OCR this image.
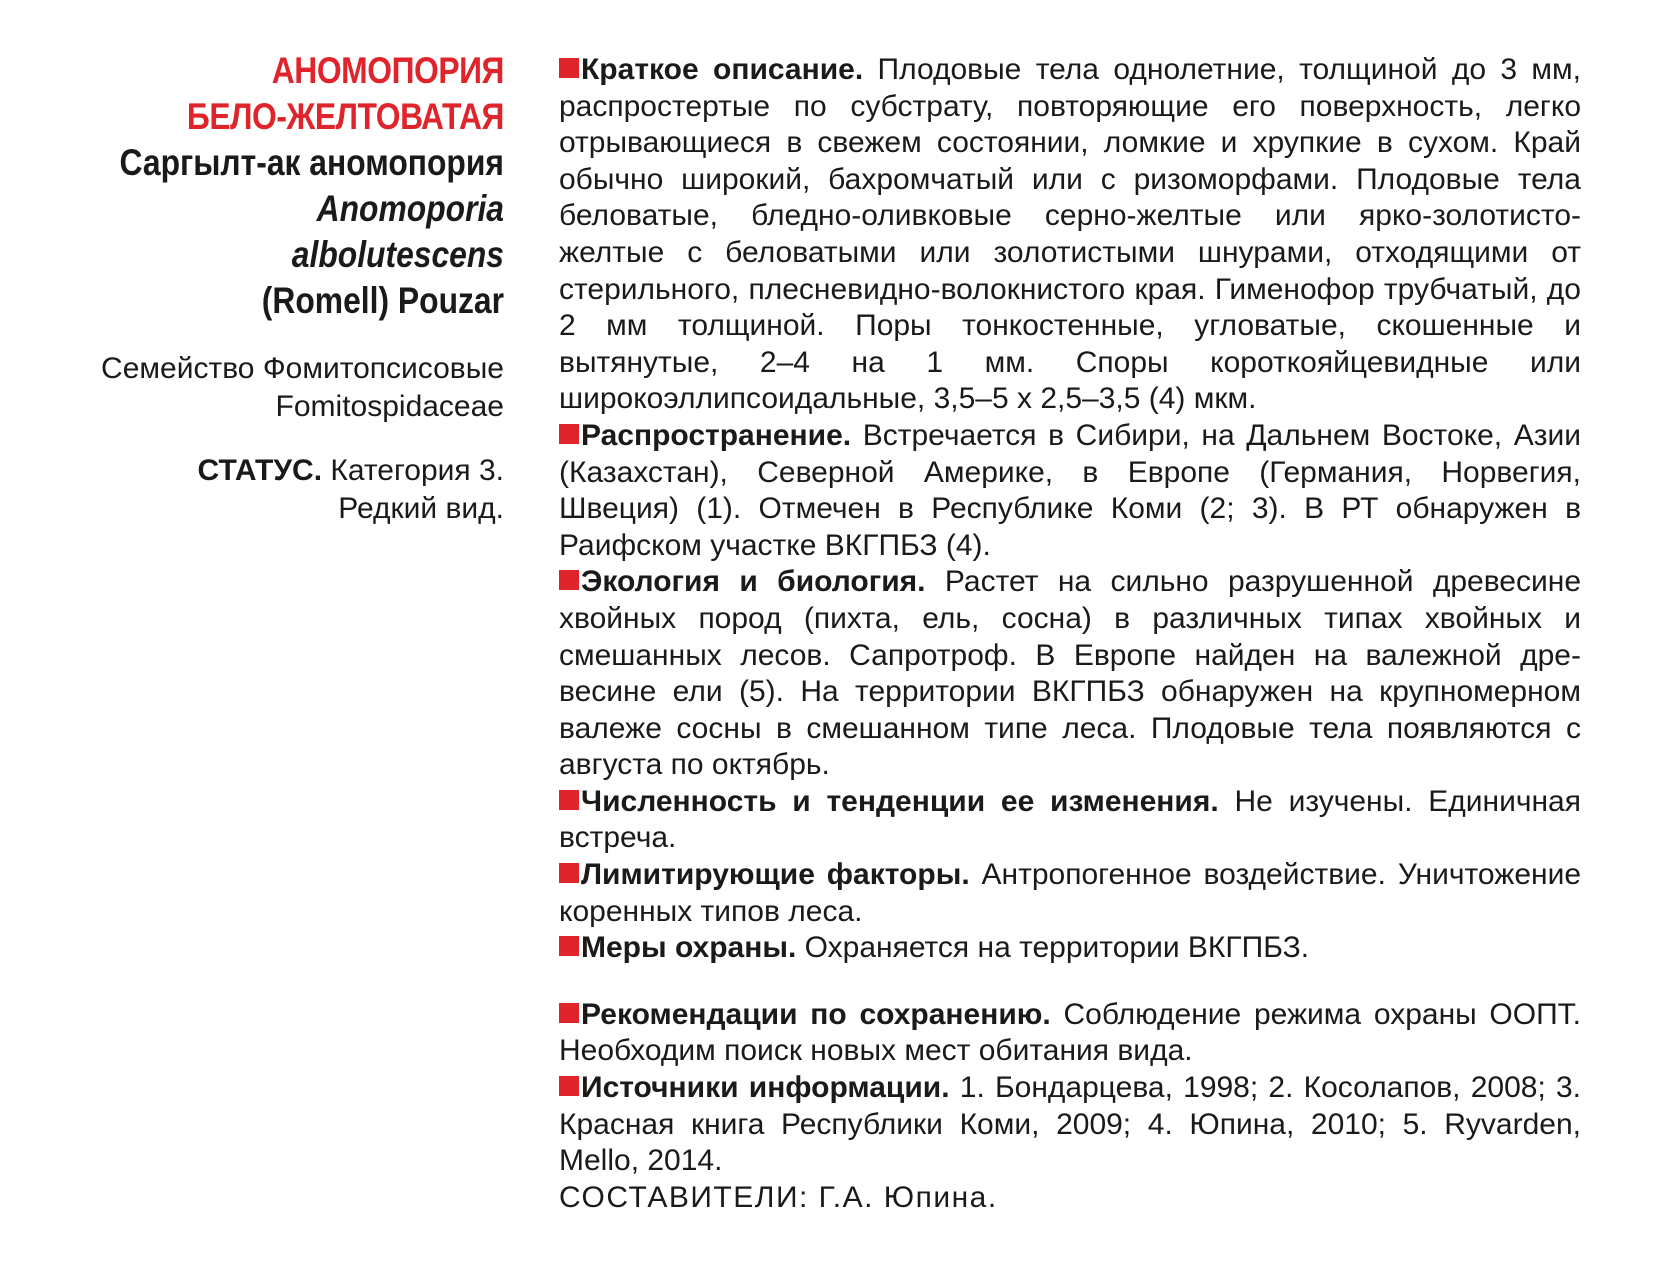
АНОМОПОРИЯ
БЕЛО-ЖЕЛТОВАТАЯ
Саргылт-ак аномопория
Anomoporia albolutescens
(Romell) Pouzar
Семейство Фомитопсисовые
Fomitospidaceae
СТАТУС. Категория 3.
Редкий вид.

Краткое описание. Плодовые тела однолетние, толщиной до 3 мм, распростертые по субстрату, повторяющие его поверхность, легко отрывающиеся в свежем состоянии, ломкие и хрупкие в сухом. Край обычно широкий, бахромчатый или с ризоморфами. Плодовые тела беловатые, бледно-оливковые серно-желтые или ярко-золотисто-желтые с беловатыми или золотистыми шнурами, отходящими от стерильного, плесневидно-волокнистого края. Гименофор трубчатый, до 2 мм толщиной. Поры тонкостенные, угловатые, скошенные и вытянутые, 2–4 на 1 мм. Споры короткояйцевидные или широкоэллипсоидальные, 3,5–5 х 2,5–3,5 (4) мкм.

Распространение. Встречается в Сибири, на Дальнем Востоке, Азии (Казахстан), Северной Америке, в Европе (Германия, Норвегия, Швеция) (1). Отмечен в Республике Коми (2; 3). В РТ обнаружен в Раифском участке ВКГПБЗ (4).

Экология и биология. Растет на сильно разрушенной древесине хвойных пород (пихта, ель, сосна) в различных типах хвойных и смешанных лесов. Сапротроф. В Европе найден на валежной древесине ели (5). На территории ВКГПБЗ обнаружен на крупномерном валеже сосны в смешанном типе леса. Плодовые тела появляются с августа по октябрь.

Численность и тенденции ее изменения. Не изучены. Единичная встреча.

Лимитирующие факторы. Антропогенное воздействие. Уничтожение коренных типов леса.

Меры охраны. Охраняется на территории ВКГПБЗ.

Рекомендации по сохранению. Соблюдение режима охраны ООПТ. Необходим поиск новых мест обитания вида.

Источники информации. 1. Бондарцева, 1998; 2. Косолапов, 2008; 3. Красная книга Республики Коми, 2009; 4. Юпина, 2010; 5. Ryvarden, Mello, 2014.

СОСТАВИТЕЛИ: Г.А. Юпина.
